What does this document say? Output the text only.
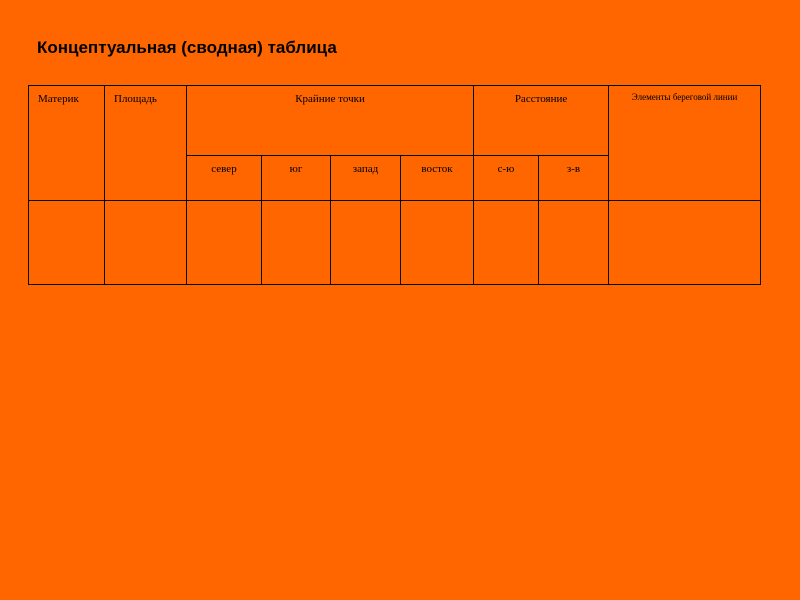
Концептуальная (сводная) таблица
Материк	Площадь	Крайние точки				Расстояние		Элементы береговой линии
		север	юг	запад	восток	с-ю	з-в	
